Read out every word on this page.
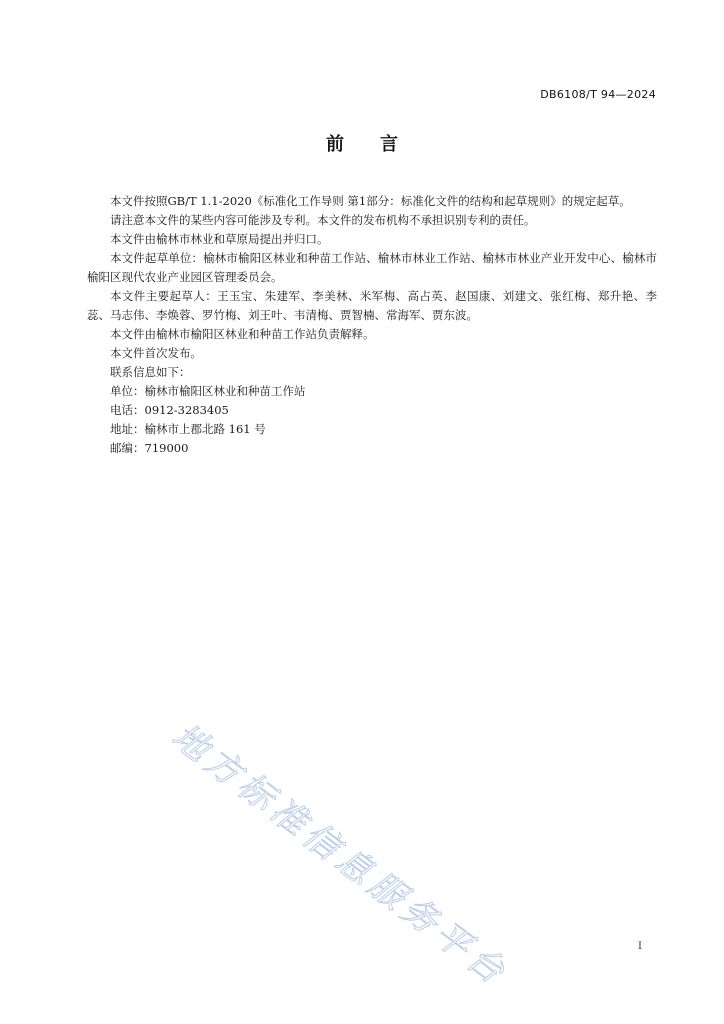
DB6108/T 94—2024
前 言

本文件按照GB/T 1.1-2020《标准化工作导则 第1部分：标准化文件的结构和起草规则》的规定起草。

请注意本文件的某些内容可能涉及专利。本文件的发布机构不承担识别专利的责任。

本文件由榆林市林业和草原局提出并归口。

本文件起草单位：榆林市榆阳区林业和种苗工作站、榆林市林业工作站、榆林市林业产业开发中心、榆林市榆阳区现代农业产业园区管理委员会。

本文件主要起草人：王玉宝、朱建军、李美林、米军梅、高占英、赵国康、刘建文、张红梅、郑升艳、李蕊、马志伟、李焕蓉、罗竹梅、刘王叶、韦清梅、贾智楠、常海军、贾东波。

本文件由榆林市榆阳区林业和种苗工作站负责解释。

本文件首次发布。

联系信息如下：

单位：榆林市榆阳区林业和种苗工作站

电话：0912-3283405

地址：榆林市上郡北路 161 号

邮编：719000

地方标准信息服务平台	I
